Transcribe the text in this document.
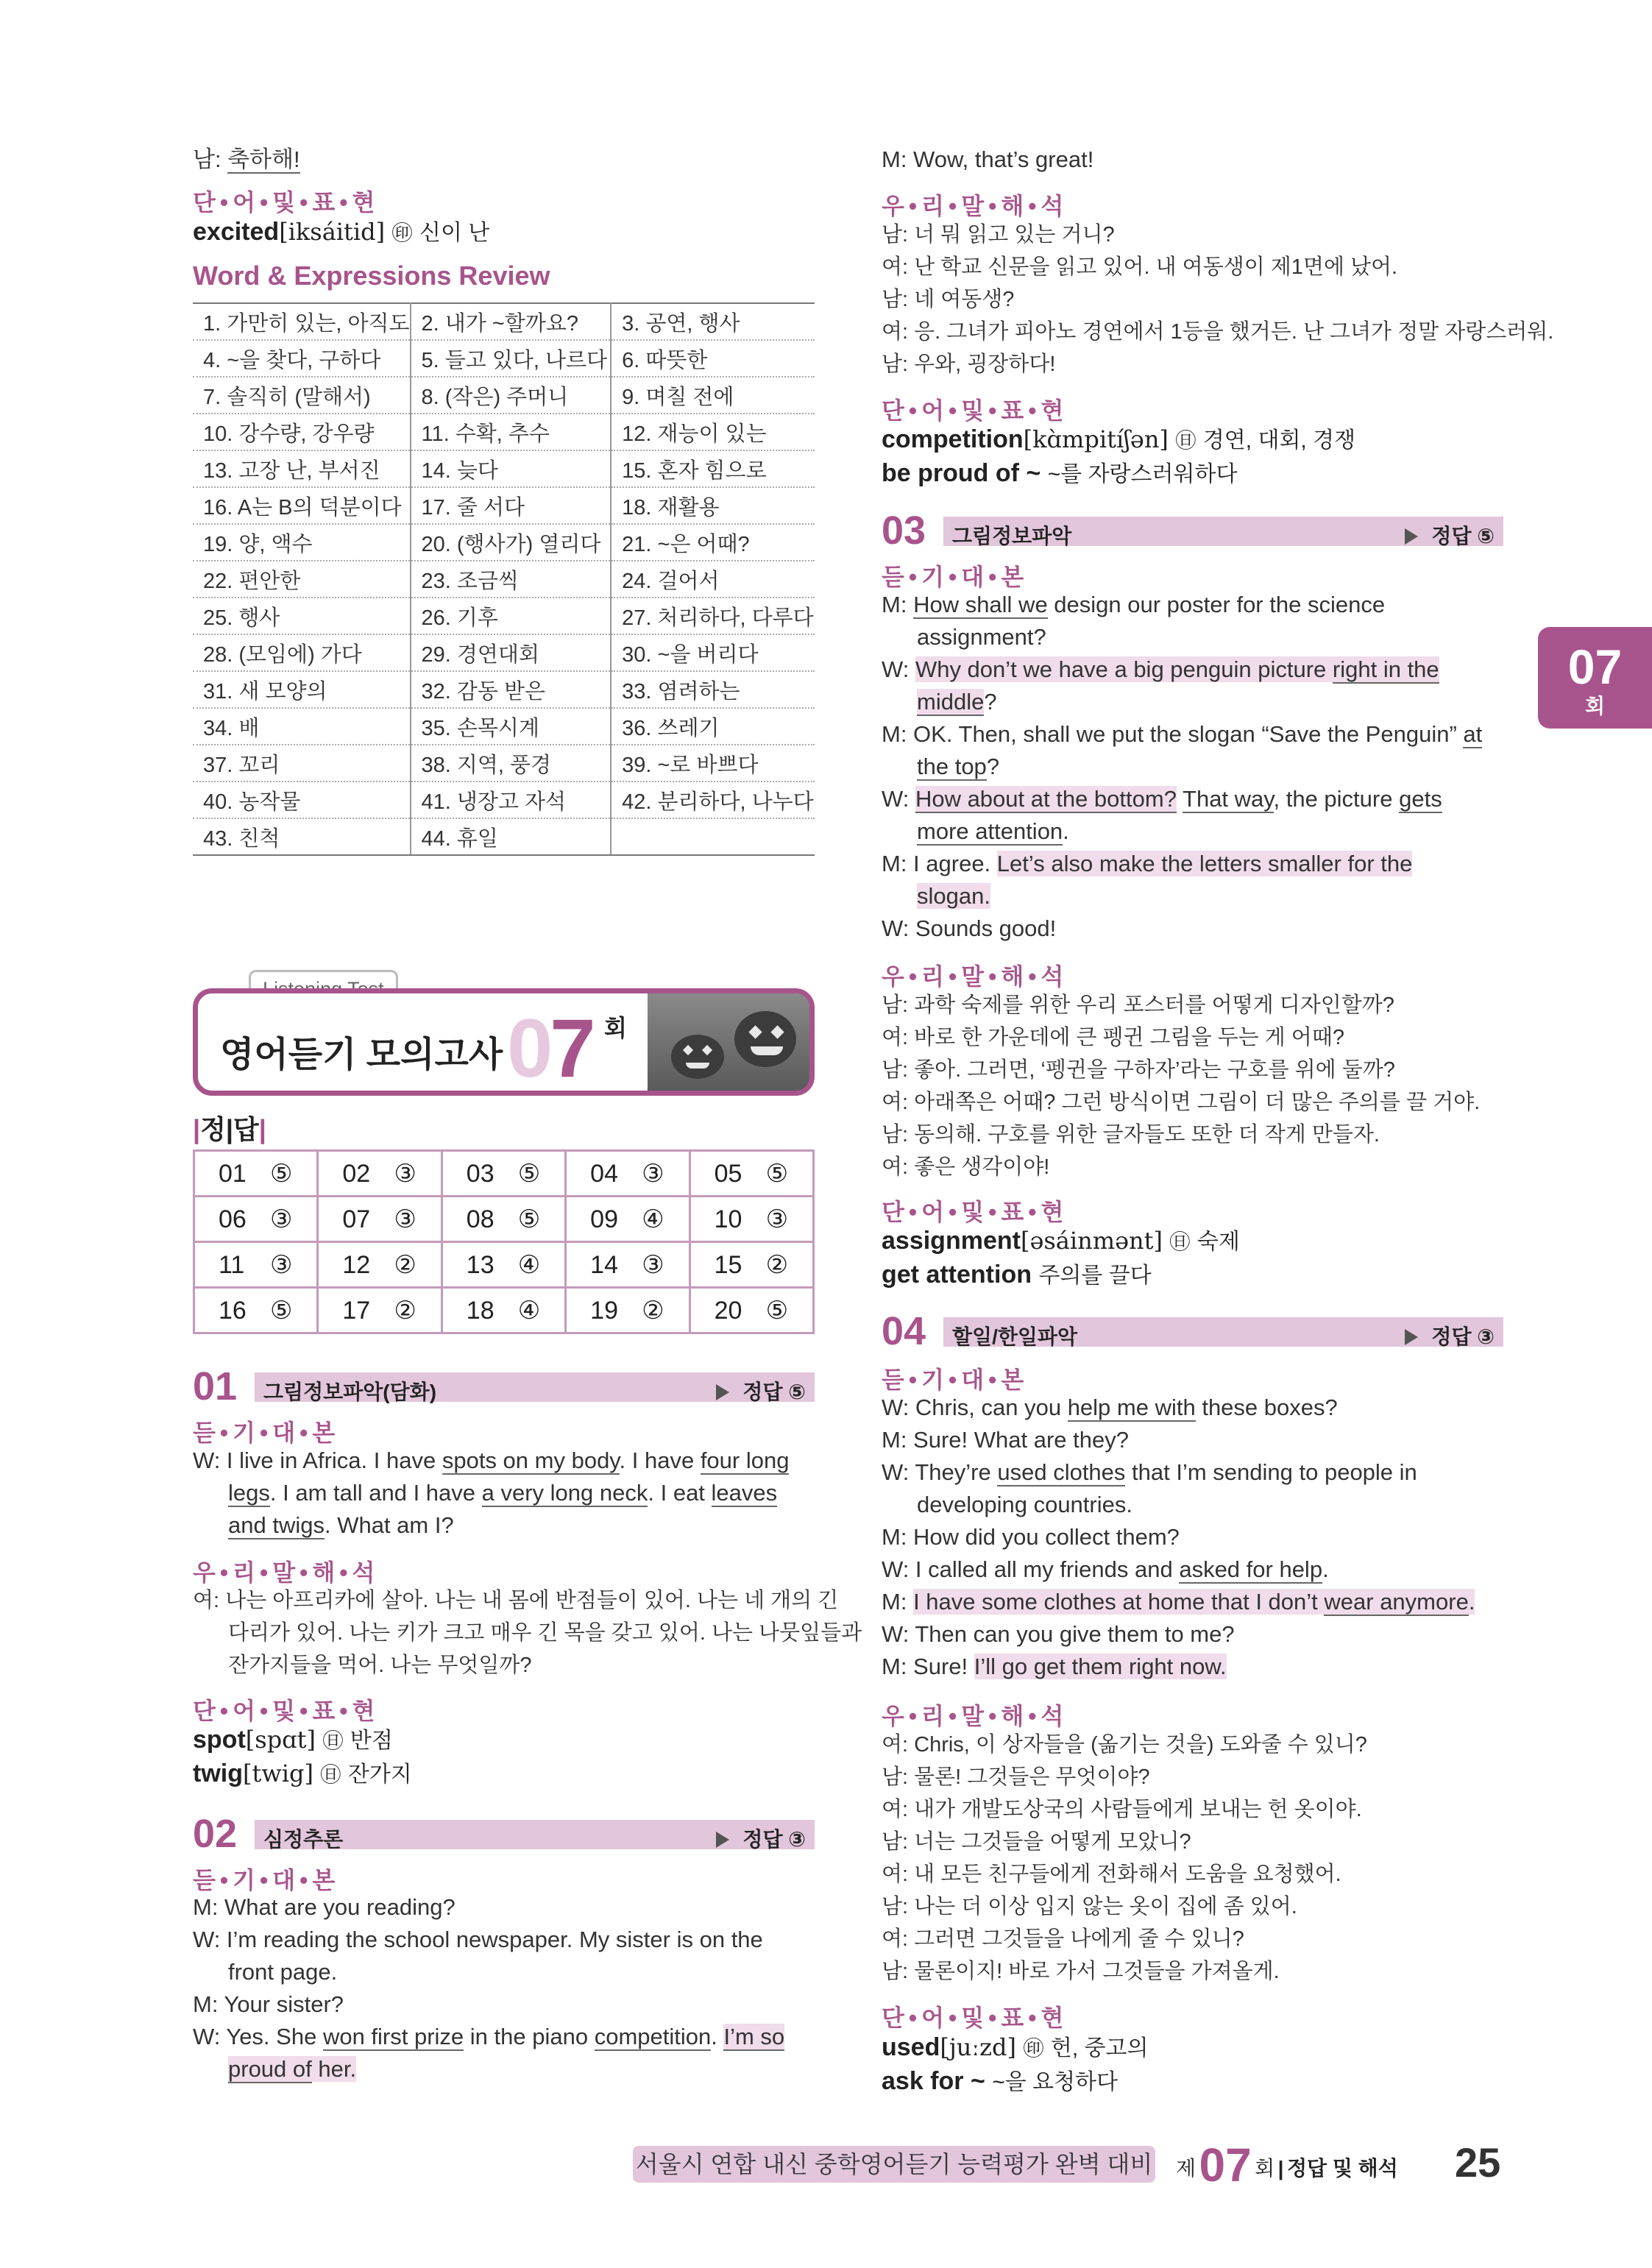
남: 축하해!
단•어•및•표•현
excited[iksáitid] ㊞ 신이 난
Word & Expressions Review
1. 가만히 있는, 아직도	2. 내가 ~할까요?	3. 공연, 행사
4. ~을 찾다, 구하다	5. 들고 있다, 나르다	6. 따뜻한
7. 솔직히 (말해서)	8. (작은) 주머니	9. 며칠 전에
10. 강수량, 강우량	11. 수확, 추수	12. 재능이 있는
13. 고장 난, 부서진	14. 늦다	15. 혼자 힘으로
16. A는 B의 덕분이다	17. 줄 서다	18. 재활용
19. 양, 액수	20. (행사가) 열리다	21. ~은 어때?
22. 편안한	23. 조금씩	24. 걸어서
25. 행사	26. 기후	27. 처리하다, 다루다
28. (모임에) 가다	29. 경연대회	30. ~을 버리다
31. 새 모양의	32. 감동 받은	33. 염려하는
34. 배	35. 손목시계	36. 쓰레기
37. 꼬리	38. 지역, 풍경	39. ~로 바쁘다
40. 농작물	41. 냉장고 자석	42. 분리하다, 나누다
43. 친척	44. 휴일	
영어듣기 모의고사 07 회
|정|답|
01 ⑤	02 ③	03 ⑤	04 ③	05 ⑤
06 ③	07 ③	08 ⑤	09 ④	10 ③
11 ③	12 ②	13 ④	14 ③	15 ②
16 ⑤	17 ②	18 ④	19 ②	20 ⑤
01 그림정보파악(담화)	정답 ⑤
듣•기•대•본
W: I live in Africa. I have spots on my body. I have four long
legs. I am tall and I have a very long neck. I eat leaves
and twigs. What am I?
우•리•말•해•석
여: 나는 아프리카에 살아. 나는 내 몸에 반점들이 있어. 나는 네 개의 긴
다리가 있어. 나는 키가 크고 매우 긴 목을 갖고 있어. 나는 나뭇잎들과
잔가지들을 먹어. 나는 무엇일까?
단•어•및•표•현
spot[spɑt] ㊐ 반점
twig[twig] ㊐ 잔가지
02 심정추론	정답 ③
듣•기•대•본
M: What are you reading?
W: I’m reading the school newspaper. My sister is on the
front page.
M: Your sister?
W: Yes. She won first prize in the piano competition. I’m so
proud of her.
M: Wow, that’s great!
우•리•말•해•석
남: 너 뭐 읽고 있는 거니?
여: 난 학교 신문을 읽고 있어. 내 여동생이 제1면에 났어.
남: 네 여동생?
여: 응. 그녀가 피아노 경연에서 1등을 했거든. 난 그녀가 정말 자랑스러워.
남: 우와, 굉장하다!
단•어•및•표•현
competition[kɑ̀mpitíʃən] ㊐ 경연, 대회, 경쟁
be proud of ~ ~를 자랑스러워하다
03 그림정보파악	정답 ⑤
듣•기•대•본
M: How shall we design our poster for the science
assignment?
W: Why don’t we have a big penguin picture right in the
middle?
M: OK. Then, shall we put the slogan “Save the Penguin” at
the top?
W: How about at the bottom? That way, the picture gets
more attention.
M: I agree. Let’s also make the letters smaller for the
slogan.
W: Sounds good!
우•리•말•해•석
남: 과학 숙제를 위한 우리 포스터를 어떻게 디자인할까?
여: 바로 한 가운데에 큰 펭귄 그림을 두는 게 어때?
남: 좋아. 그러면, ‘펭귄을 구하자’라는 구호를 위에 둘까?
여: 아래쪽은 어때? 그런 방식이면 그림이 더 많은 주의를 끌 거야.
남: 동의해. 구호를 위한 글자들도 또한 더 작게 만들자.
여: 좋은 생각이야!
단•어•및•표•현
assignment[əsáinmənt] ㊐ 숙제
get attention 주의를 끌다
04 할일/한일파악	정답 ③
듣•기•대•본
W: Chris, can you help me with these boxes?
M: Sure! What are they?
W: They’re used clothes that I’m sending to people in
developing countries.
M: How did you collect them?
W: I called all my friends and asked for help.
M: I have some clothes at home that I don’t wear anymore.
W: Then can you give them to me?
M: Sure! I’ll go get them right now.
우•리•말•해•석
여: Chris, 이 상자들을 (옮기는 것을) 도와줄 수 있니?
남: 물론! 그것들은 무엇이야?
여: 내가 개발도상국의 사람들에게 보내는 헌 옷이야.
남: 너는 그것들을 어떻게 모았니?
여: 내 모든 친구들에게 전화해서 도움을 요청했어.
남: 나는 더 이상 입지 않는 옷이 집에 좀 있어.
여: 그러면 그것들을 나에게 줄 수 있니?
남: 물론이지! 바로 가서 그것들을 가져올게.
단•어•및•표•현
used[juːzd] ㊞ 헌, 중고의
ask for ~ ~을 요청하다
07
회
서울시 연합 내신 중학영어듣기 능력평가 완벽 대비 제 07 회 | 정답 및 해석 25
